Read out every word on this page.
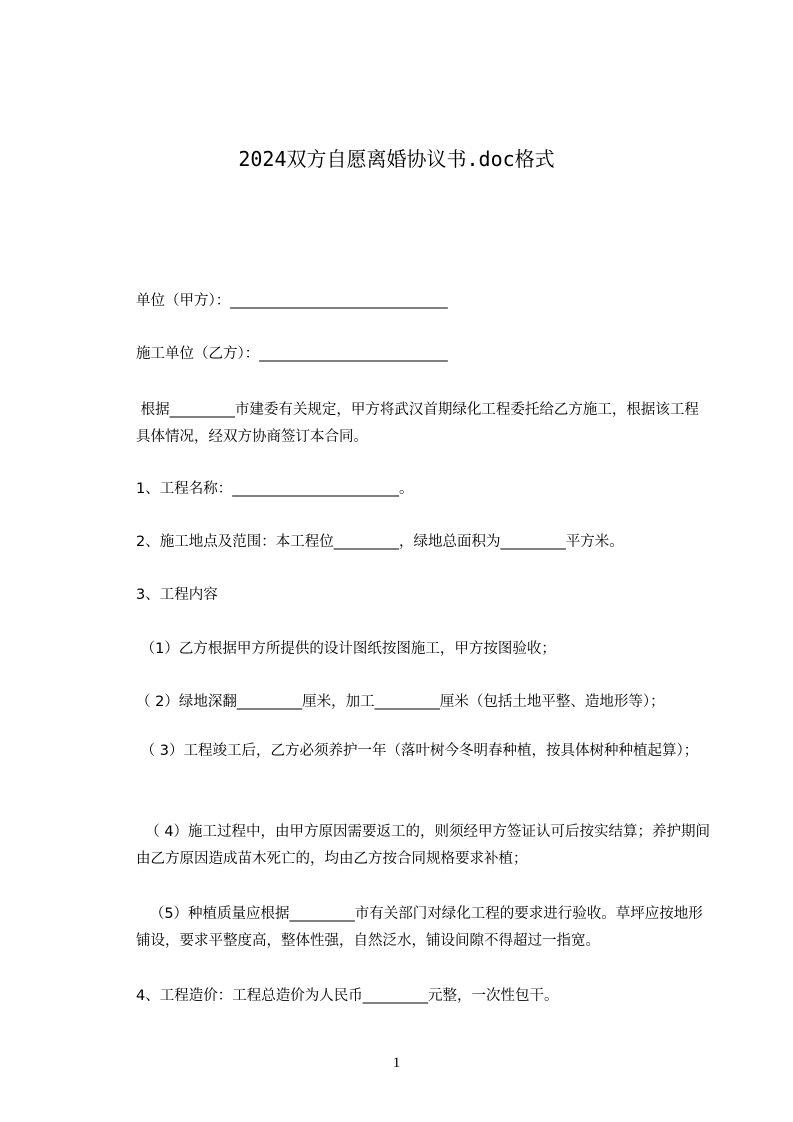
2024双方自愿离婚协议书.doc格式
单位（甲方）：______________________________
施工单位（乙方）：__________________________
根据_________市建委有关规定，甲方将武汉首期绿化工程委托给乙方施工，根据该工程具体情况，经双方协商签订本合同。
1、工程名称：_______________________。
2、施工地点及范围：本工程位_________，绿地总面积为_________平方米。
3、工程内容
（1）乙方根据甲方所提供的设计图纸按图施工，甲方按图验收；
（ 2）绿地深翻_________厘米，加工_________厘米（包括土地平整、造地形等）；
（ 3）工程竣工后，乙方必须养护一年（落叶树今冬明春种植，按具体树种种植起算）；
（ 4）施工过程中，由甲方原因需要返工的，则须经甲方签证认可后按实结算；养护期间由乙方原因造成苗木死亡的，均由乙方按合同规格要求补植；
（5）种植质量应根据_________市有关部门对绿化工程的要求进行验收。草坪应按地形铺设，要求平整度高，整体性强，自然泛水，铺设间隙不得超过一指宽。
4、工程造价：工程总造价为人民币_________元整，一次性包干。
1
